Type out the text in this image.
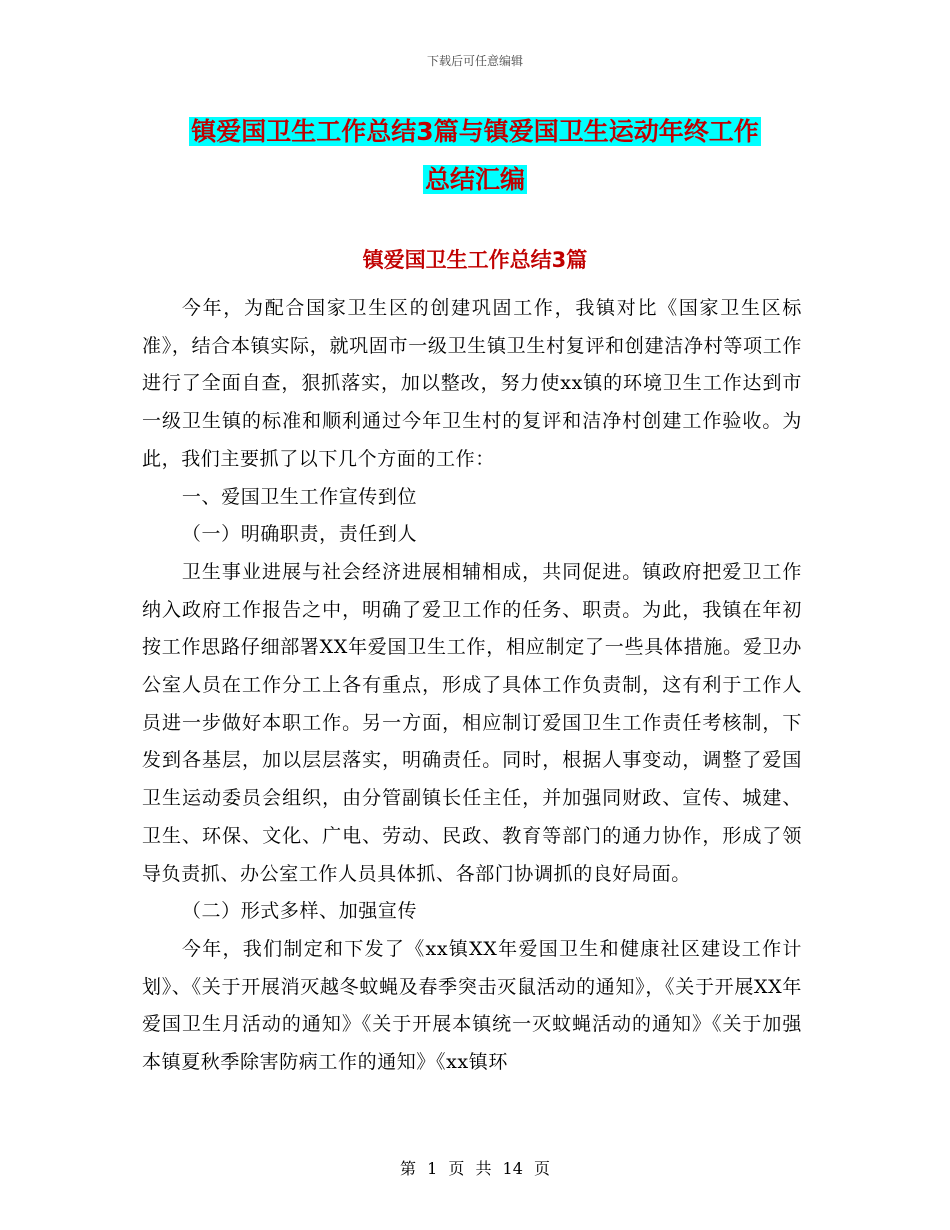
下载后可任意编辑
镇爱国卫生工作总结3篇与镇爱国卫生运动年终工作
总结汇编
镇爱国卫生工作总结3篇

今年，为配合国家卫生区的创建巩固工作，我镇对比《国家卫生区标准》，结合本镇实际，就巩固市一级卫生镇卫生村复评和创建洁净村等项工作进行了全面自查，狠抓落实，加以整改，努力使xx镇的环境卫生工作达到市一级卫生镇的标准和顺利通过今年卫生村的复评和洁净村创建工作验收。为此，我们主要抓了以下几个方面的工作：

一、爱国卫生工作宣传到位

（一）明确职责，责任到人

卫生事业进展与社会经济进展相辅相成，共同促进。镇政府把爱卫工作纳入政府工作报告之中，明确了爱卫工作的任务、职责。为此，我镇在年初按工作思路仔细部署XX年爱国卫生工作，相应制定了一些具体措施。爱卫办公室人员在工作分工上各有重点，形成了具体工作负责制，这有利于工作人员进一步做好本职工作。另一方面，相应制订爱国卫生工作责任考核制，下发到各基层，加以层层落实，明确责任。同时，根据人事变动，调整了爱国卫生运动委员会组织，由分管副镇长任主任，并加强同财政、宣传、城建、卫生、环保、文化、广电、劳动、民政、教育等部门的通力协作，形成了领导负责抓、办公室工作人员具体抓、各部门协调抓的良好局面。

（二）形式多样、加强宣传

今年，我们制定和下发了《xx镇XX年爱国卫生和健康社区建设工作计划》、《关于开展消灭越冬蚊蝇及春季突击灭鼠活动的通知》，《关于开展XX年爱国卫生月活动的通知》《关于开展本镇统一灭蚊蝇活动的通知》《关于加强本镇夏秋季除害防病工作的通知》《xx镇环

第 1 页 共 14 页
